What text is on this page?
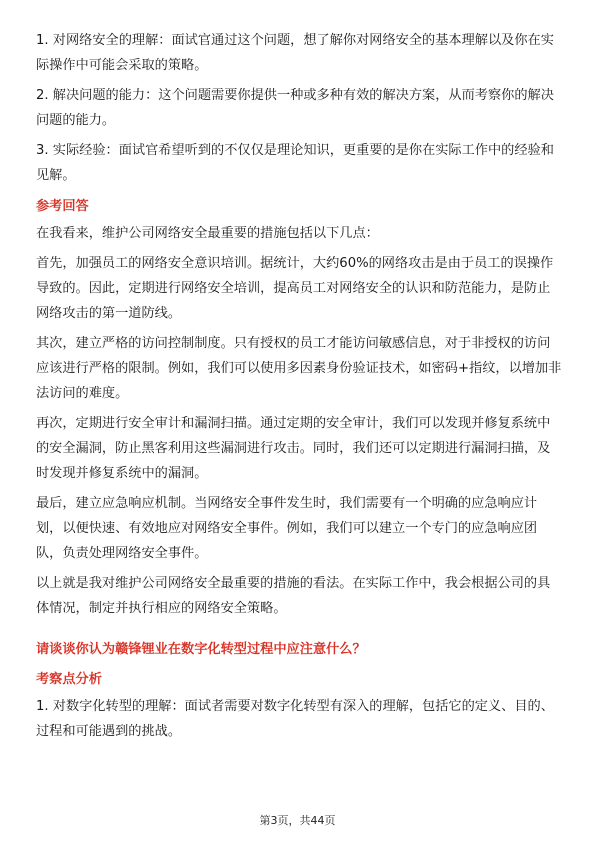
1. 对网络安全的理解：面试官通过这个问题，想了解你对网络安全的基本理解以及你在实际操作中可能会采取的策略。

2. 解决问题的能力：这个问题需要你提供一种或多种有效的解决方案，从而考察你的解决问题的能力。

3. 实际经验：面试官希望听到的不仅仅是理论知识，更重要的是你在实际工作中的经验和见解。

参考回答

在我看来，维护公司网络安全最重要的措施包括以下几点：

首先，加强员工的网络安全意识培训。据统计，大约60%的网络攻击是由于员工的误操作导致的。因此，定期进行网络安全培训，提高员工对网络安全的认识和防范能力，是防止网络攻击的第一道防线。

其次，建立严格的访问控制制度。只有授权的员工才能访问敏感信息，对于非授权的访问应该进行严格的限制。例如，我们可以使用多因素身份验证技术，如密码+指纹，以增加非法访问的难度。

再次，定期进行安全审计和漏洞扫描。通过定期的安全审计，我们可以发现并修复系统中的安全漏洞，防止黑客利用这些漏洞进行攻击。同时，我们还可以定期进行漏洞扫描，及时发现并修复系统中的漏洞。

最后，建立应急响应机制。当网络安全事件发生时，我们需要有一个明确的应急响应计划，以便快速、有效地应对网络安全事件。例如，我们可以建立一个专门的应急响应团队，负责处理网络安全事件。

以上就是我对维护公司网络安全最重要的措施的看法。在实际工作中，我会根据公司的具体情况，制定并执行相应的网络安全策略。

请谈谈你认为赣锋锂业在数字化转型过程中应注意什么？
考察点分析

1. 对数字化转型的理解：面试者需要对数字化转型有深入的理解，包括它的定义、目的、过程和可能遇到的挑战。

第3页，共44页
